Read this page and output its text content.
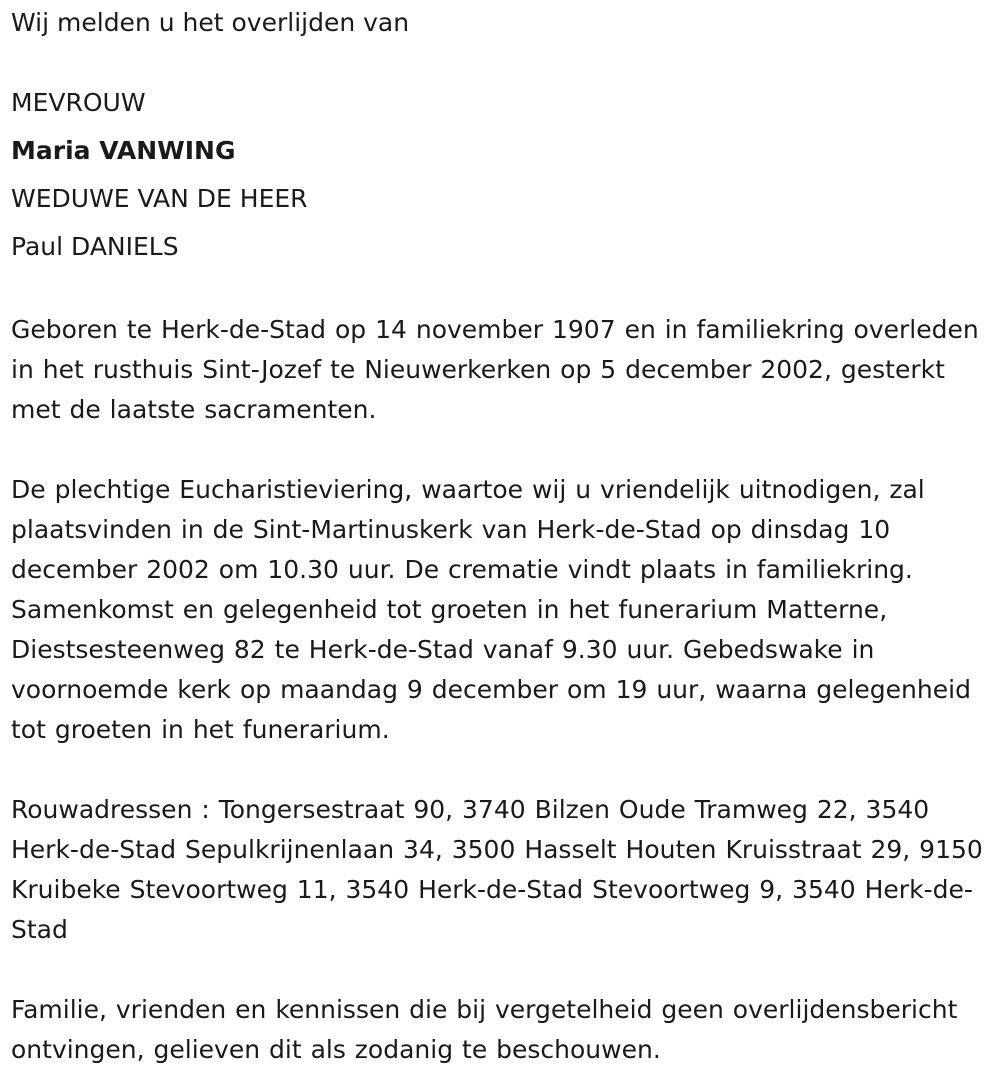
Wij melden u het overlijden van
MEVROUW
Maria VANWING
WEDUWE VAN DE HEER
Paul DANIELS
Geboren te Herk-de-Stad op 14 november 1907 en in familiekring overleden in het rusthuis Sint-Jozef te Nieuwerkerken op 5 december 2002, gesterkt met de laatste sacramenten.
De plechtige Eucharistieviering, waartoe wij u vriendelijk uitnodigen, zal plaatsvinden in de Sint-Martinuskerk van Herk-de-Stad op dinsdag 10 december 2002 om 10.30 uur. De crematie vindt plaats in familiekring. Samenkomst en gelegenheid tot groeten in het funerarium Matterne, Diestsesteenweg 82 te Herk-de-Stad vanaf 9.30 uur. Gebedswake in voornoemde kerk op maandag 9 december om 19 uur, waarna gelegenheid tot groeten in het funerarium.
Rouwadressen : Tongersestraat 90, 3740 Bilzen Oude Tramweg 22, 3540 Herk-de-Stad Sepulkrijnenlaan 34, 3500 Hasselt Houten Kruisstraat 29, 9150 Kruibeke Stevoortweg 11, 3540 Herk-de-Stad Stevoortweg 9, 3540 Herk-de-Stad
Familie, vrienden en kennissen die bij vergetelheid geen overlijdensbericht ontvingen, gelieven dit als zodanig te beschouwen.
